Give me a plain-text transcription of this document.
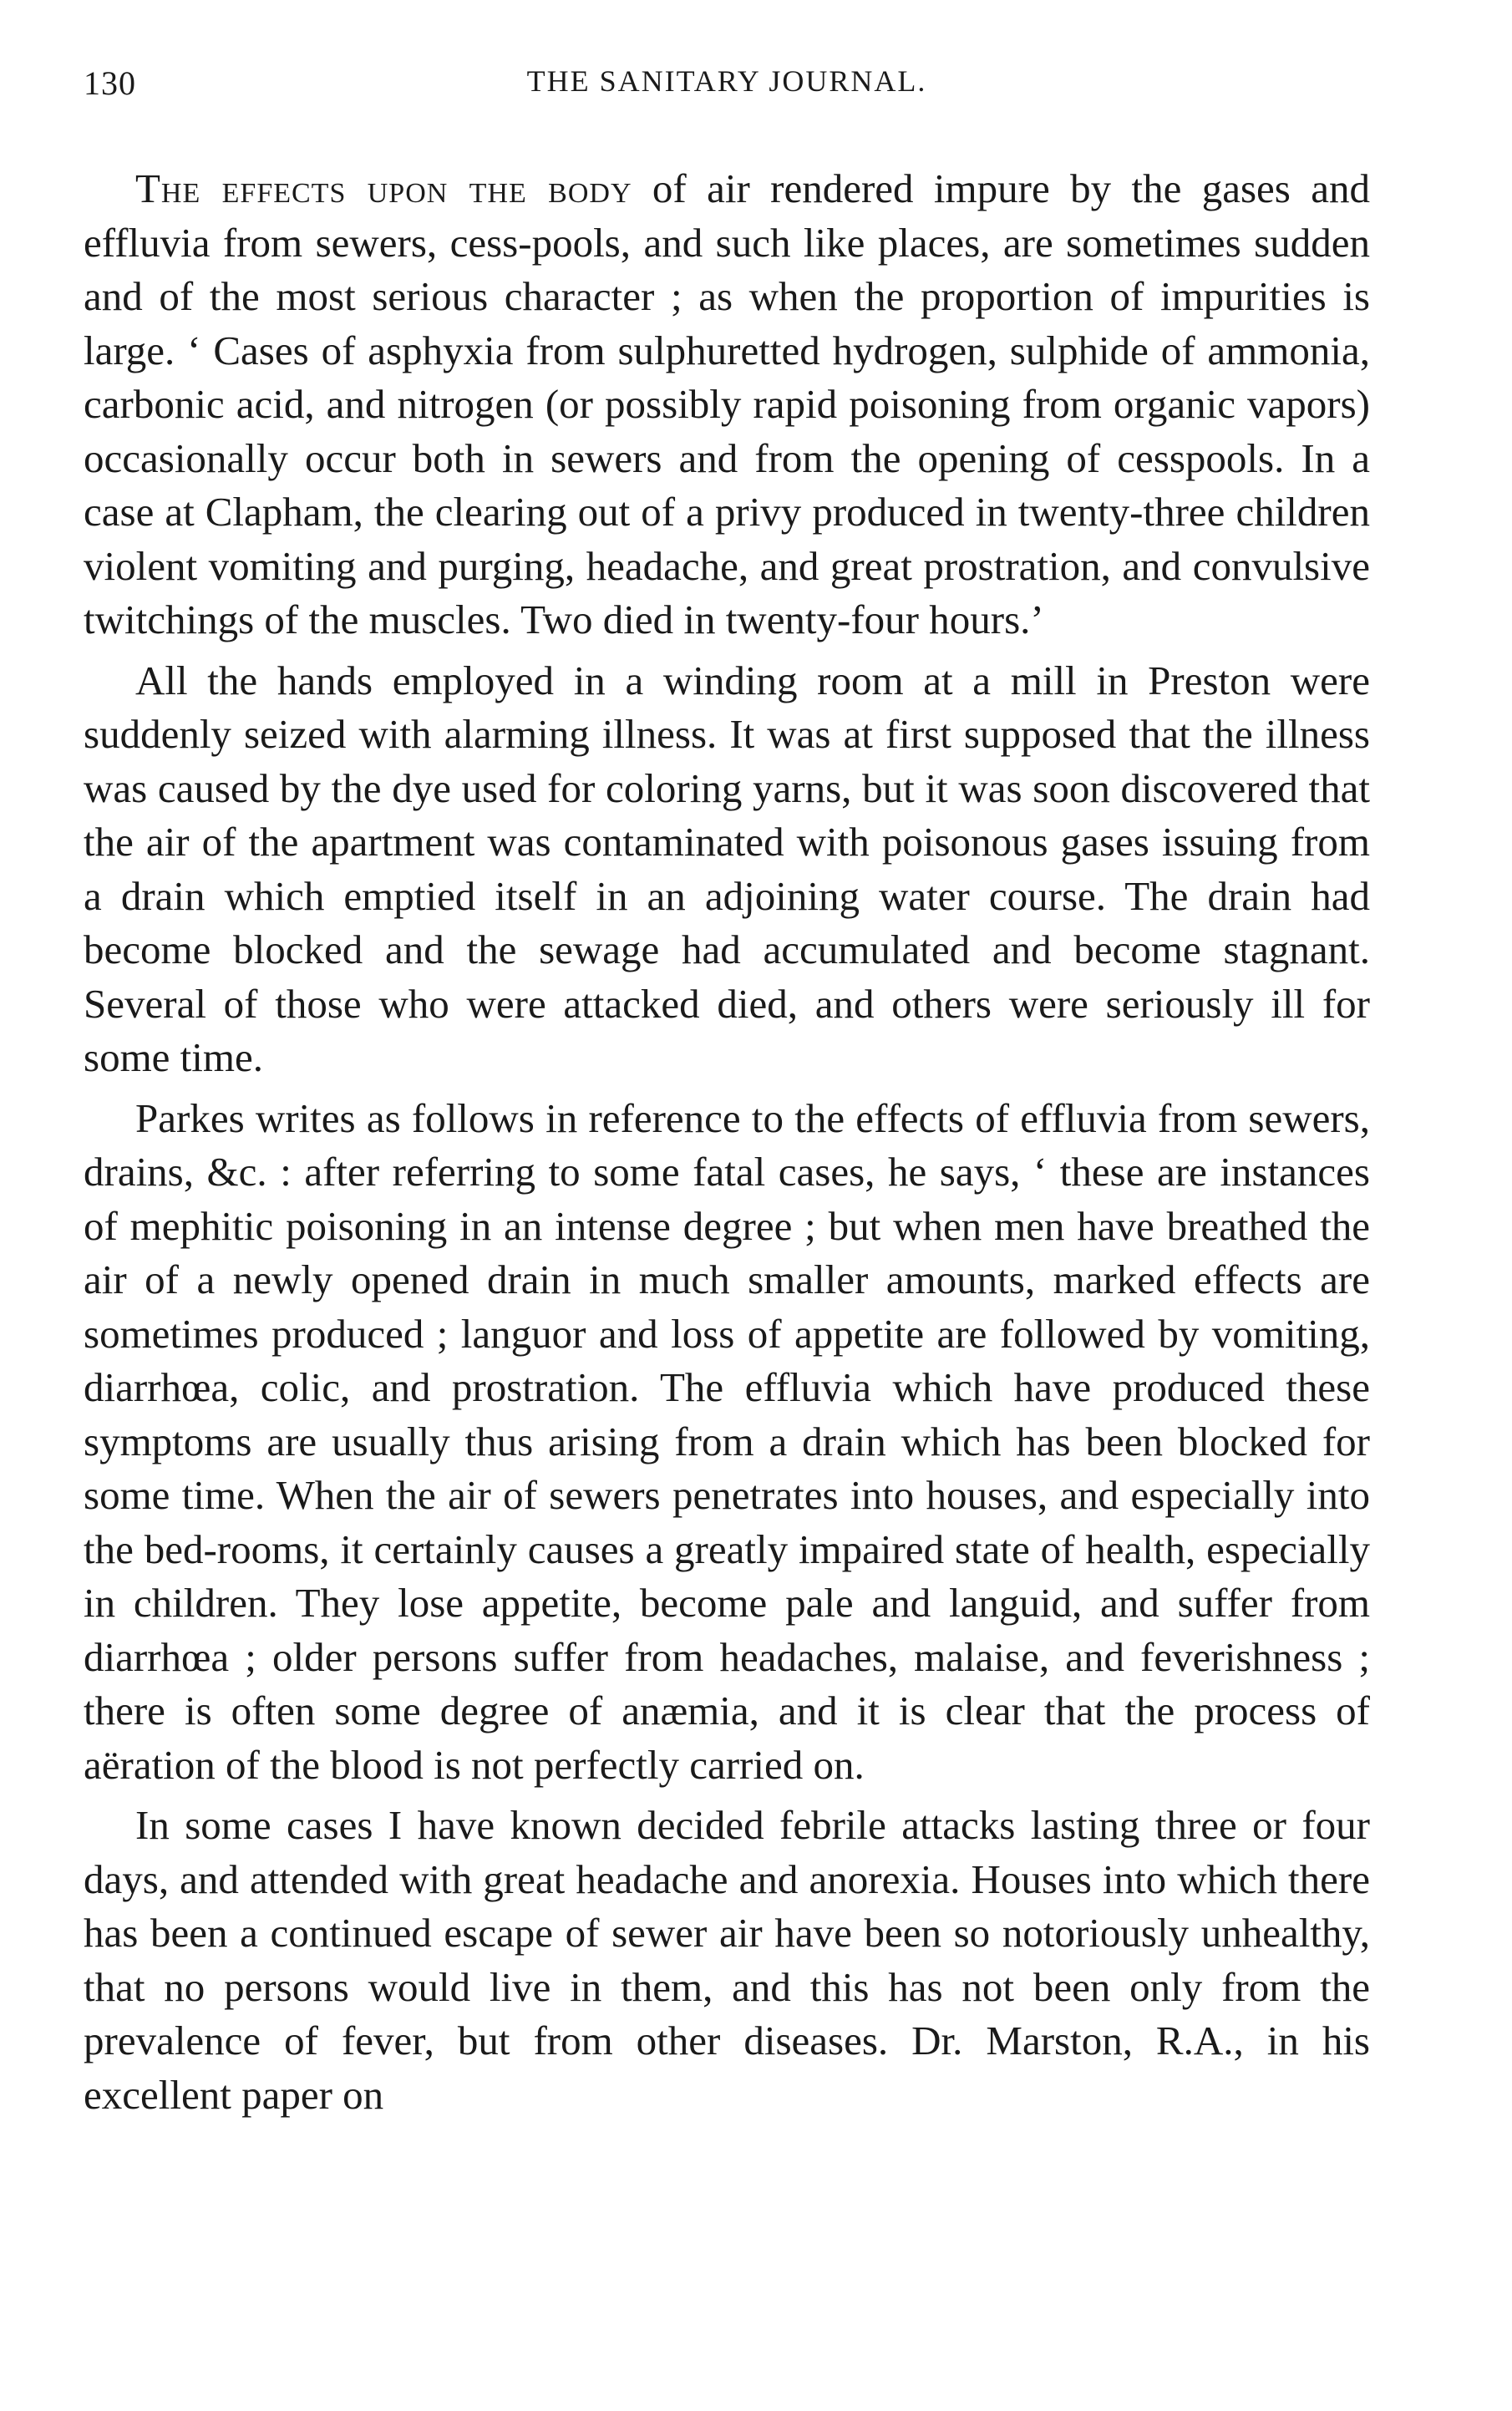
130	THE SANITARY JOURNAL.

The effects upon the body of air rendered impure by the gases and effluvia from sewers, cess-pools, and such like places, are sometimes sudden and of the most serious character ; as when the proportion of impurities is large. ‘ Cases of asphyxia from sulphuretted hydrogen, sulphide of ammonia, carbonic acid, and nitrogen (or possibly rapid poisoning from organic vapors) occasionally occur both in sewers and from the opening of cesspools. In a case at Clapham, the clearing out of a privy produced in twenty-three children violent vomiting and purging, headache, and great prostration, and convulsive twitchings of the muscles. Two died in twenty-four hours.’

All the hands employed in a winding room at a mill in Preston were suddenly seized with alarming illness. It was at first supposed that the illness was caused by the dye used for coloring yarns, but it was soon discovered that the air of the apartment was contaminated with poisonous gases issuing from a drain which emptied itself in an adjoining water course. The drain had become blocked and the sewage had accumulated and become stagnant. Several of those who were attacked died, and others were seriously ill for some time.

Parkes writes as follows in reference to the effects of effluvia from sewers, drains, &c. : after referring to some fatal cases, he says, ‘ these are instances of mephitic poisoning in an intense degree ; but when men have breathed the air of a newly opened drain in much smaller amounts, marked effects are sometimes produced ; languor and loss of appetite are followed by vomiting, diarrhœa, colic, and prostration. The effluvia which have produced these symptoms are usually thus arising from a drain which has been blocked for some time. When the air of sewers penetrates into houses, and especially into the bed-rooms, it certainly causes a greatly impaired state of health, especially in children. They lose appetite, become pale and languid, and suffer from diarrhœa ; older persons suffer from headaches, malaise, and feverishness ; there is often some degree of anæmia, and it is clear that the process of aëration of the blood is not perfectly carried on.

In some cases I have known decided febrile attacks lasting three or four days, and attended with great headache and anorexia. Houses into which there has been a continued escape of sewer air have been so notoriously unhealthy, that no persons would live in them, and this has not been only from the prevalence of fever, but from other diseases. Dr. Marston, R.A., in his excellent paper on
